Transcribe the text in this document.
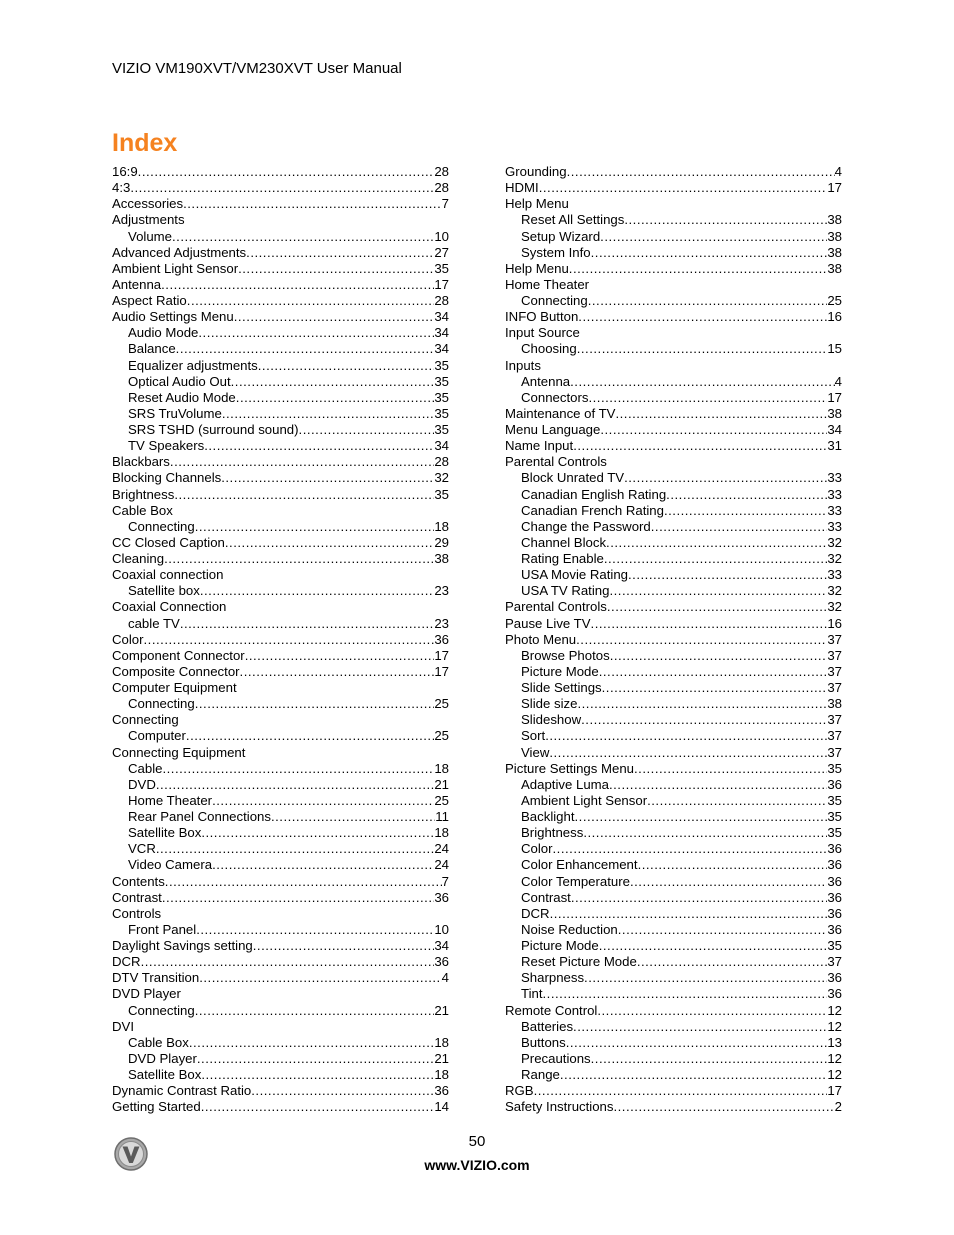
VIZIO VM190XVT/VM230XVT User Manual
Index
16:9 .....	28
4:3 .....	28
Accessories .....	7
Adjustments
Volume .....	10
Advanced Adjustments .....	27
Ambient Light Sensor .....	35
Antenna .....	17
Aspect Ratio .....	28
Audio Settings Menu .....	34
Audio Mode .....	34
Balance .....	34
Equalizer adjustments .....	35
Optical Audio Out .....	35
Reset Audio Mode .....	35
SRS TruVolume .....	35
SRS TSHD (surround sound) .....	35
TV Speakers .....	34
Blackbars .....	28
Blocking Channels .....	32
Brightness .....	35
Cable Box
Connecting .....	18
CC Closed Caption .....	29
Cleaning .....	38
Coaxial connection
Satellite box .....	23
Coaxial Connection
cable TV .....	23
Color .....	36
Component Connector .....	17
Composite Connector .....	17
Computer Equipment
Connecting .....	25
Connecting
Computer .....	25
Connecting Equipment
Cable .....	18
DVD .....	21
Home Theater .....	25
Rear Panel Connections .....	11
Satellite Box .....	18
VCR .....	24
Video Camera .....	24
Contents .....	7
Contrast .....	36
Controls
Front Panel .....	10
Daylight Savings setting .....	34
DCR .....	36
DTV Transition .....	4
DVD Player
Connecting .....	21
DVI
Cable Box .....	18
DVD Player .....	21
Satellite Box .....	18
Dynamic Contrast Ratio .....	36
Getting Started .....	14
Grounding .....	4
HDMI .....	17
Help Menu
Reset All Settings .....	38
Setup Wizard .....	38
System Info .....	38
Help Menu .....	38
Home Theater
Connecting .....	25
INFO Button .....	16
Input Source
Choosing .....	15
Inputs
Antenna .....	4
Connectors .....	17
Maintenance of TV .....	38
Menu Language .....	34
Name Input .....	31
Parental Controls
Block Unrated TV .....	33
Canadian English Rating .....	33
Canadian French Rating .....	33
Change the Password .....	33
Channel Block .....	32
Rating Enable .....	32
USA Movie Rating .....	33
USA TV Rating .....	32
Parental Controls .....	32
Pause Live TV .....	16
Photo Menu .....	37
Browse Photos .....	37
Picture Mode .....	37
Slide Settings .....	37
Slide size .....	38
Slideshow .....	37
Sort .....	37
View .....	37
Picture Settings Menu .....	35
Adaptive Luma .....	36
Ambient Light Sensor .....	35
Backlight .....	35
Brightness .....	35
Color .....	36
Color Enhancement .....	36
Color Temperature .....	36
Contrast .....	36
DCR .....	36
Noise Reduction .....	36
Picture Mode .....	35
Reset Picture Mode .....	37
Sharpness .....	36
Tint .....	36
Remote Control .....	12
Batteries .....	12
Buttons .....	13
Precautions .....	12
Range .....	12
RGB .....	17
Safety Instructions .....	2
50
www.VIZIO.com
